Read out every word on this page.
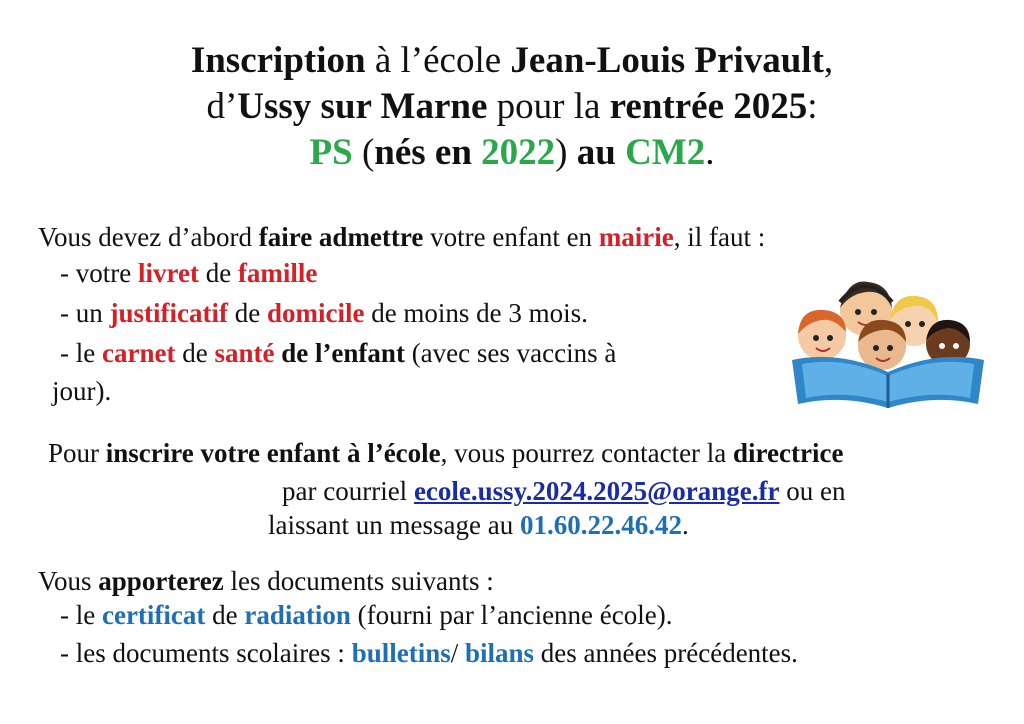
Inscription à l’école Jean-Louis Privault,
d’Ussy sur Marne pour la rentrée 2025:
PS (nés en 2022) au CM2.
Vous devez d’abord faire admettre votre enfant en mairie, il faut :
- votre livret de famille
- un justificatif de domicile de moins de 3 mois.
- le carnet de santé de l’enfant (avec ses vaccins à
jour).
Pour inscrire votre enfant à l’école, vous pourrez contacter la directrice
par courriel ecole.ussy.2024.2025@orange.fr ou en
laissant un message au 01.60.22.46.42.
Vous apporterez les documents suivants :
- le certificat de radiation (fourni par l’ancienne école).
- les documents scolaires : bulletins/ bilans des années précédentes.
